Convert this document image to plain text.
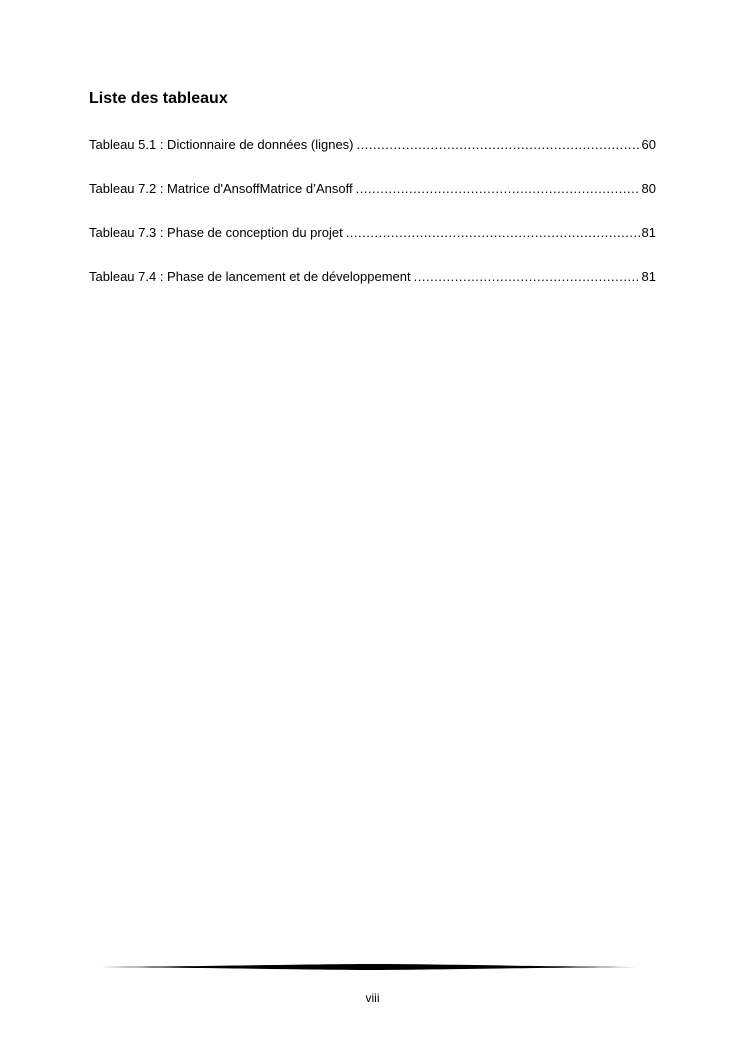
Liste des tableaux
Tableau 5.1 : Dictionnaire de données (lignes) .....	60
Tableau 7.2 : Matrice d'AnsoffMatrice d’Ansoff .....	80
Tableau 7.3 : Phase de conception du projet .....	81
Tableau 7.4 : Phase de lancement et de développement .....	81
viii
